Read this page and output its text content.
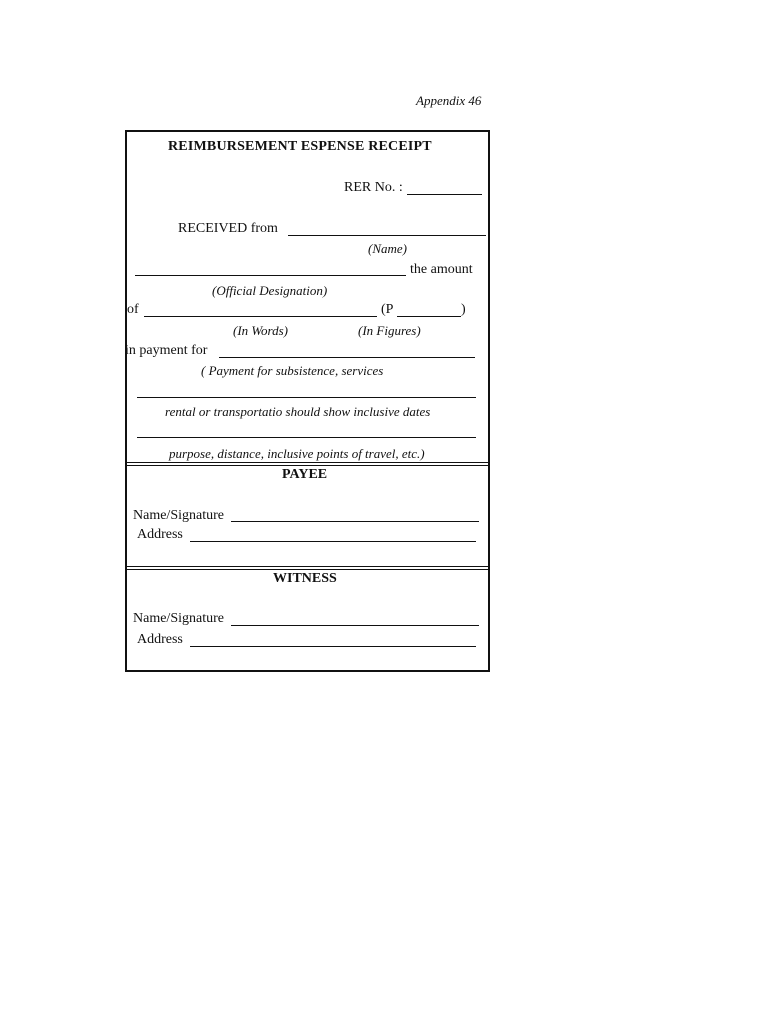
Appendix 46
REIMBURSEMENT ESPENSE RECEIPT
RER No. :
RECEIVED from
(Name)
the amount
(Official Designation)
of	(P	)
(In Words)	(In Figures)
in payment for
( Payment for subsistence, services
rental or transportatio should show inclusive dates
purpose, distance, inclusive points of travel, etc.)
PAYEE
Name/Signature
Address
WITNESS
Name/Signature
Address
